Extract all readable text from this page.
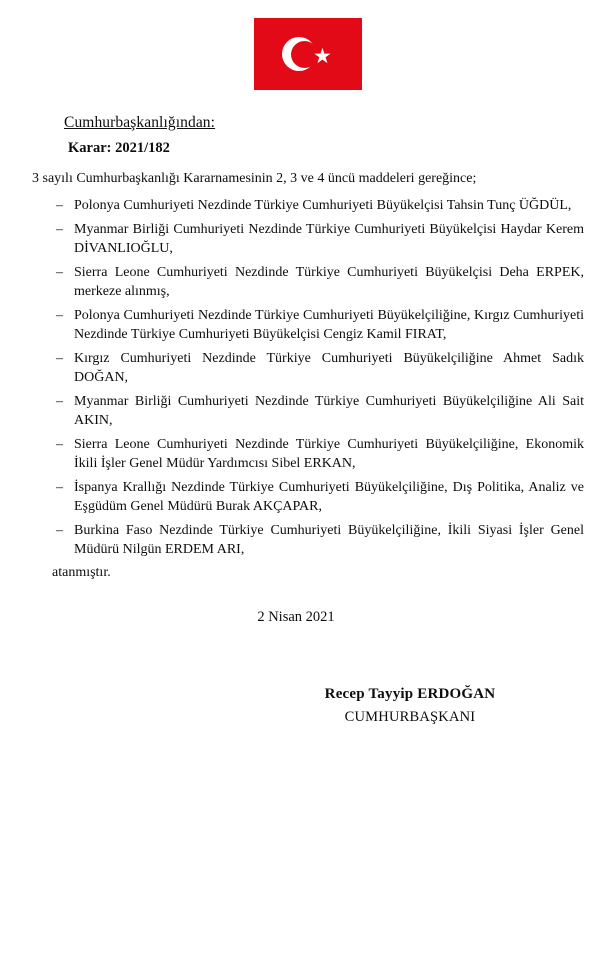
Cumhurbaşkanlığından:
Karar: 2021/182
3 sayılı Cumhurbaşkanlığı Kararnamesinin 2, 3 ve 4 üncü maddeleri gereğince;
– Polonya Cumhuriyeti Nezdinde Türkiye Cumhuriyeti Büyükelçisi Tahsin Tunç ÜĞDÜL,
– Myanmar Birliği Cumhuriyeti Nezdinde Türkiye Cumhuriyeti Büyükelçisi Haydar Kerem DİVANLIOĞLU,
– Sierra Leone Cumhuriyeti Nezdinde Türkiye Cumhuriyeti Büyükelçisi Deha ERPEK, merkeze alınmış,
– Polonya Cumhuriyeti Nezdinde Türkiye Cumhuriyeti Büyükelçiliğine, Kırgız Cumhuriyeti Nezdinde Türkiye Cumhuriyeti Büyükelçisi Cengiz Kamil FIRAT,
– Kırgız Cumhuriyeti Nezdinde Türkiye Cumhuriyeti Büyükelçiliğine Ahmet Sadık DOĞAN,
– Myanmar Birliği Cumhuriyeti Nezdinde Türkiye Cumhuriyeti Büyükelçiliğine Ali Sait AKIN,
– Sierra Leone Cumhuriyeti Nezdinde Türkiye Cumhuriyeti Büyükelçiliğine, Ekonomik İkili İşler Genel Müdür Yardımcısı Sibel ERKAN,
– İspanya Krallığı Nezdinde Türkiye Cumhuriyeti Büyükelçiliğine, Dış Politika, Analiz ve Eşgüdüm Genel Müdürü Burak AKÇAPAR,
– Burkina Faso Nezdinde Türkiye Cumhuriyeti Büyükelçiliğine, İkili Siyasi İşler Genel Müdürü Nilgün ERDEM ARI,
atanmıştır.
2 Nisan 2021
Recep Tayyip ERDOĞAN
CUMHURBAŞKANI
